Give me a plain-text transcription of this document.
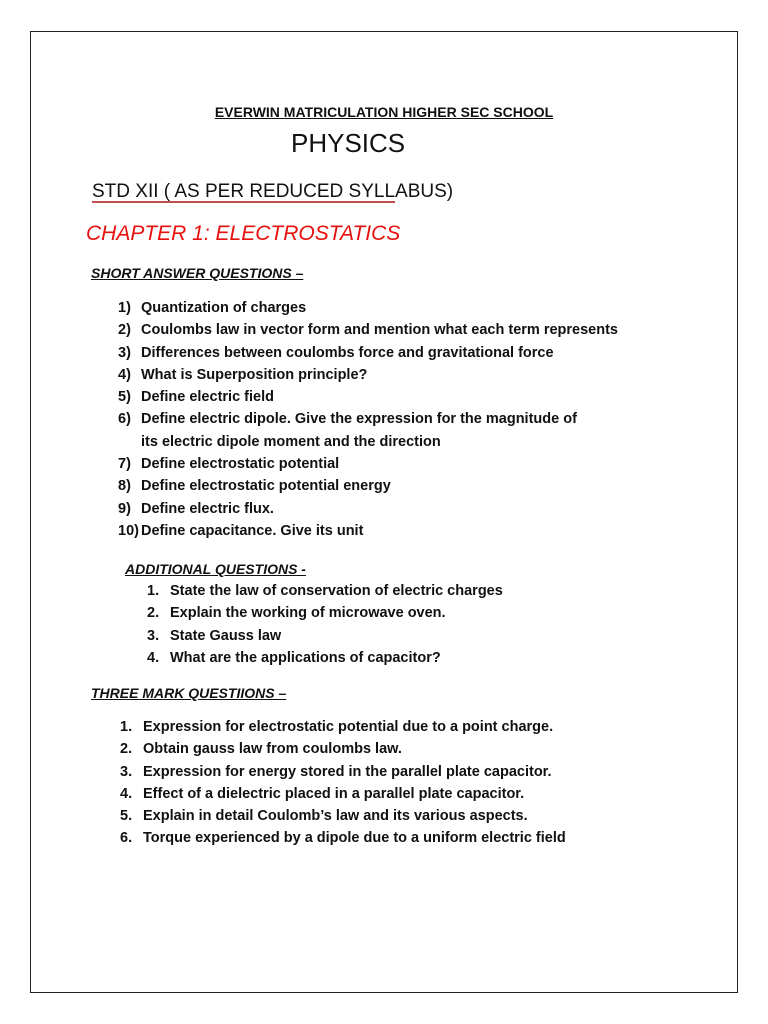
EVERWIN MATRICULATION HIGHER SEC SCHOOL
PHYSICS
STD XII ( AS PER REDUCED SYLLABUS)
CHAPTER 1: ELECTROSTATICS
SHORT ANSWER QUESTIONS –
1) Quantization of charges
2) Coulombs law in vector form and mention what each term represents
3) Differences between coulombs force and gravitational force
4) What is Superposition principle?
5) Define electric field
6) Define electric dipole. Give the expression for the magnitude of
its electric dipole moment and the direction
7) Define electrostatic potential
8) Define electrostatic potential energy
9) Define electric flux.
10) Define capacitance. Give its unit
ADDITIONAL QUESTIONS -
1. State the law of conservation of electric charges
2. Explain the working of microwave oven.
3. State Gauss law
4. What are the applications of capacitor?
THREE MARK QUESTIIONS –
1. Expression for electrostatic potential due to a point charge.
2. Obtain gauss law from coulombs law.
3. Expression for energy stored in the parallel plate capacitor.
4. Effect of a dielectric placed in a parallel plate capacitor.
5. Explain in detail Coulomb’s law and its various aspects.
6. Torque experienced by a dipole due to a uniform electric field
